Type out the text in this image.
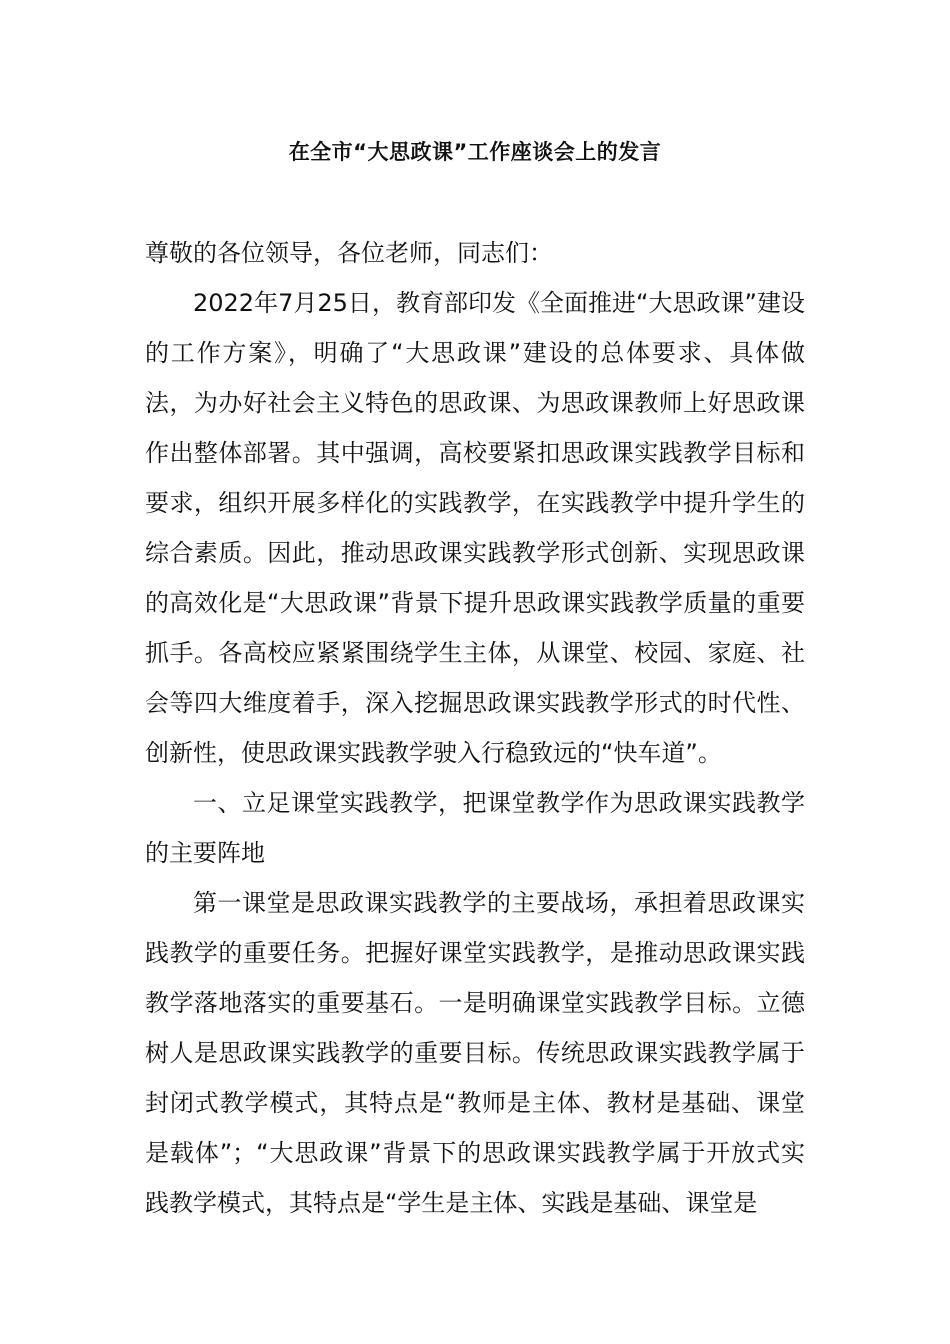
在全市“大思政课”工作座谈会上的发言

尊敬的各位领导，各位老师，同志们：

2022年7月25日，教育部印发《全面推进“大思政课”建设的工作方案》，明确了“大思政课”建设的总体要求、具体做法，为办好社会主义特色的思政课、为思政课教师上好思政课作出整体部署。其中强调，高校要紧扣思政课实践教学目标和要求，组织开展多样化的实践教学，在实践教学中提升学生的综合素质。因此，推动思政课实践教学形式创新、实现思政课的高效化是“大思政课”背景下提升思政课实践教学质量的重要抓手。各高校应紧紧围绕学生主体，从课堂、校园、家庭、社会等四大维度着手，深入挖掘思政课实践教学形式的时代性、创新性，使思政课实践教学驶入行稳致远的“快车道”。

一、立足课堂实践教学，把课堂教学作为思政课实践教学的主要阵地

第一课堂是思政课实践教学的主要战场，承担着思政课实践教学的重要任务。把握好课堂实践教学，是推动思政课实践教学落地落实的重要基石。一是明确课堂实践教学目标。立德树人是思政课实践教学的重要目标。传统思政课实践教学属于封闭式教学模式，其特点是“教师是主体、教材是基础、课堂是载体”；“大思政课”背景下的思政课实践教学属于开放式实践教学模式，其特点是“学生是主体、实践是基础、课堂是
